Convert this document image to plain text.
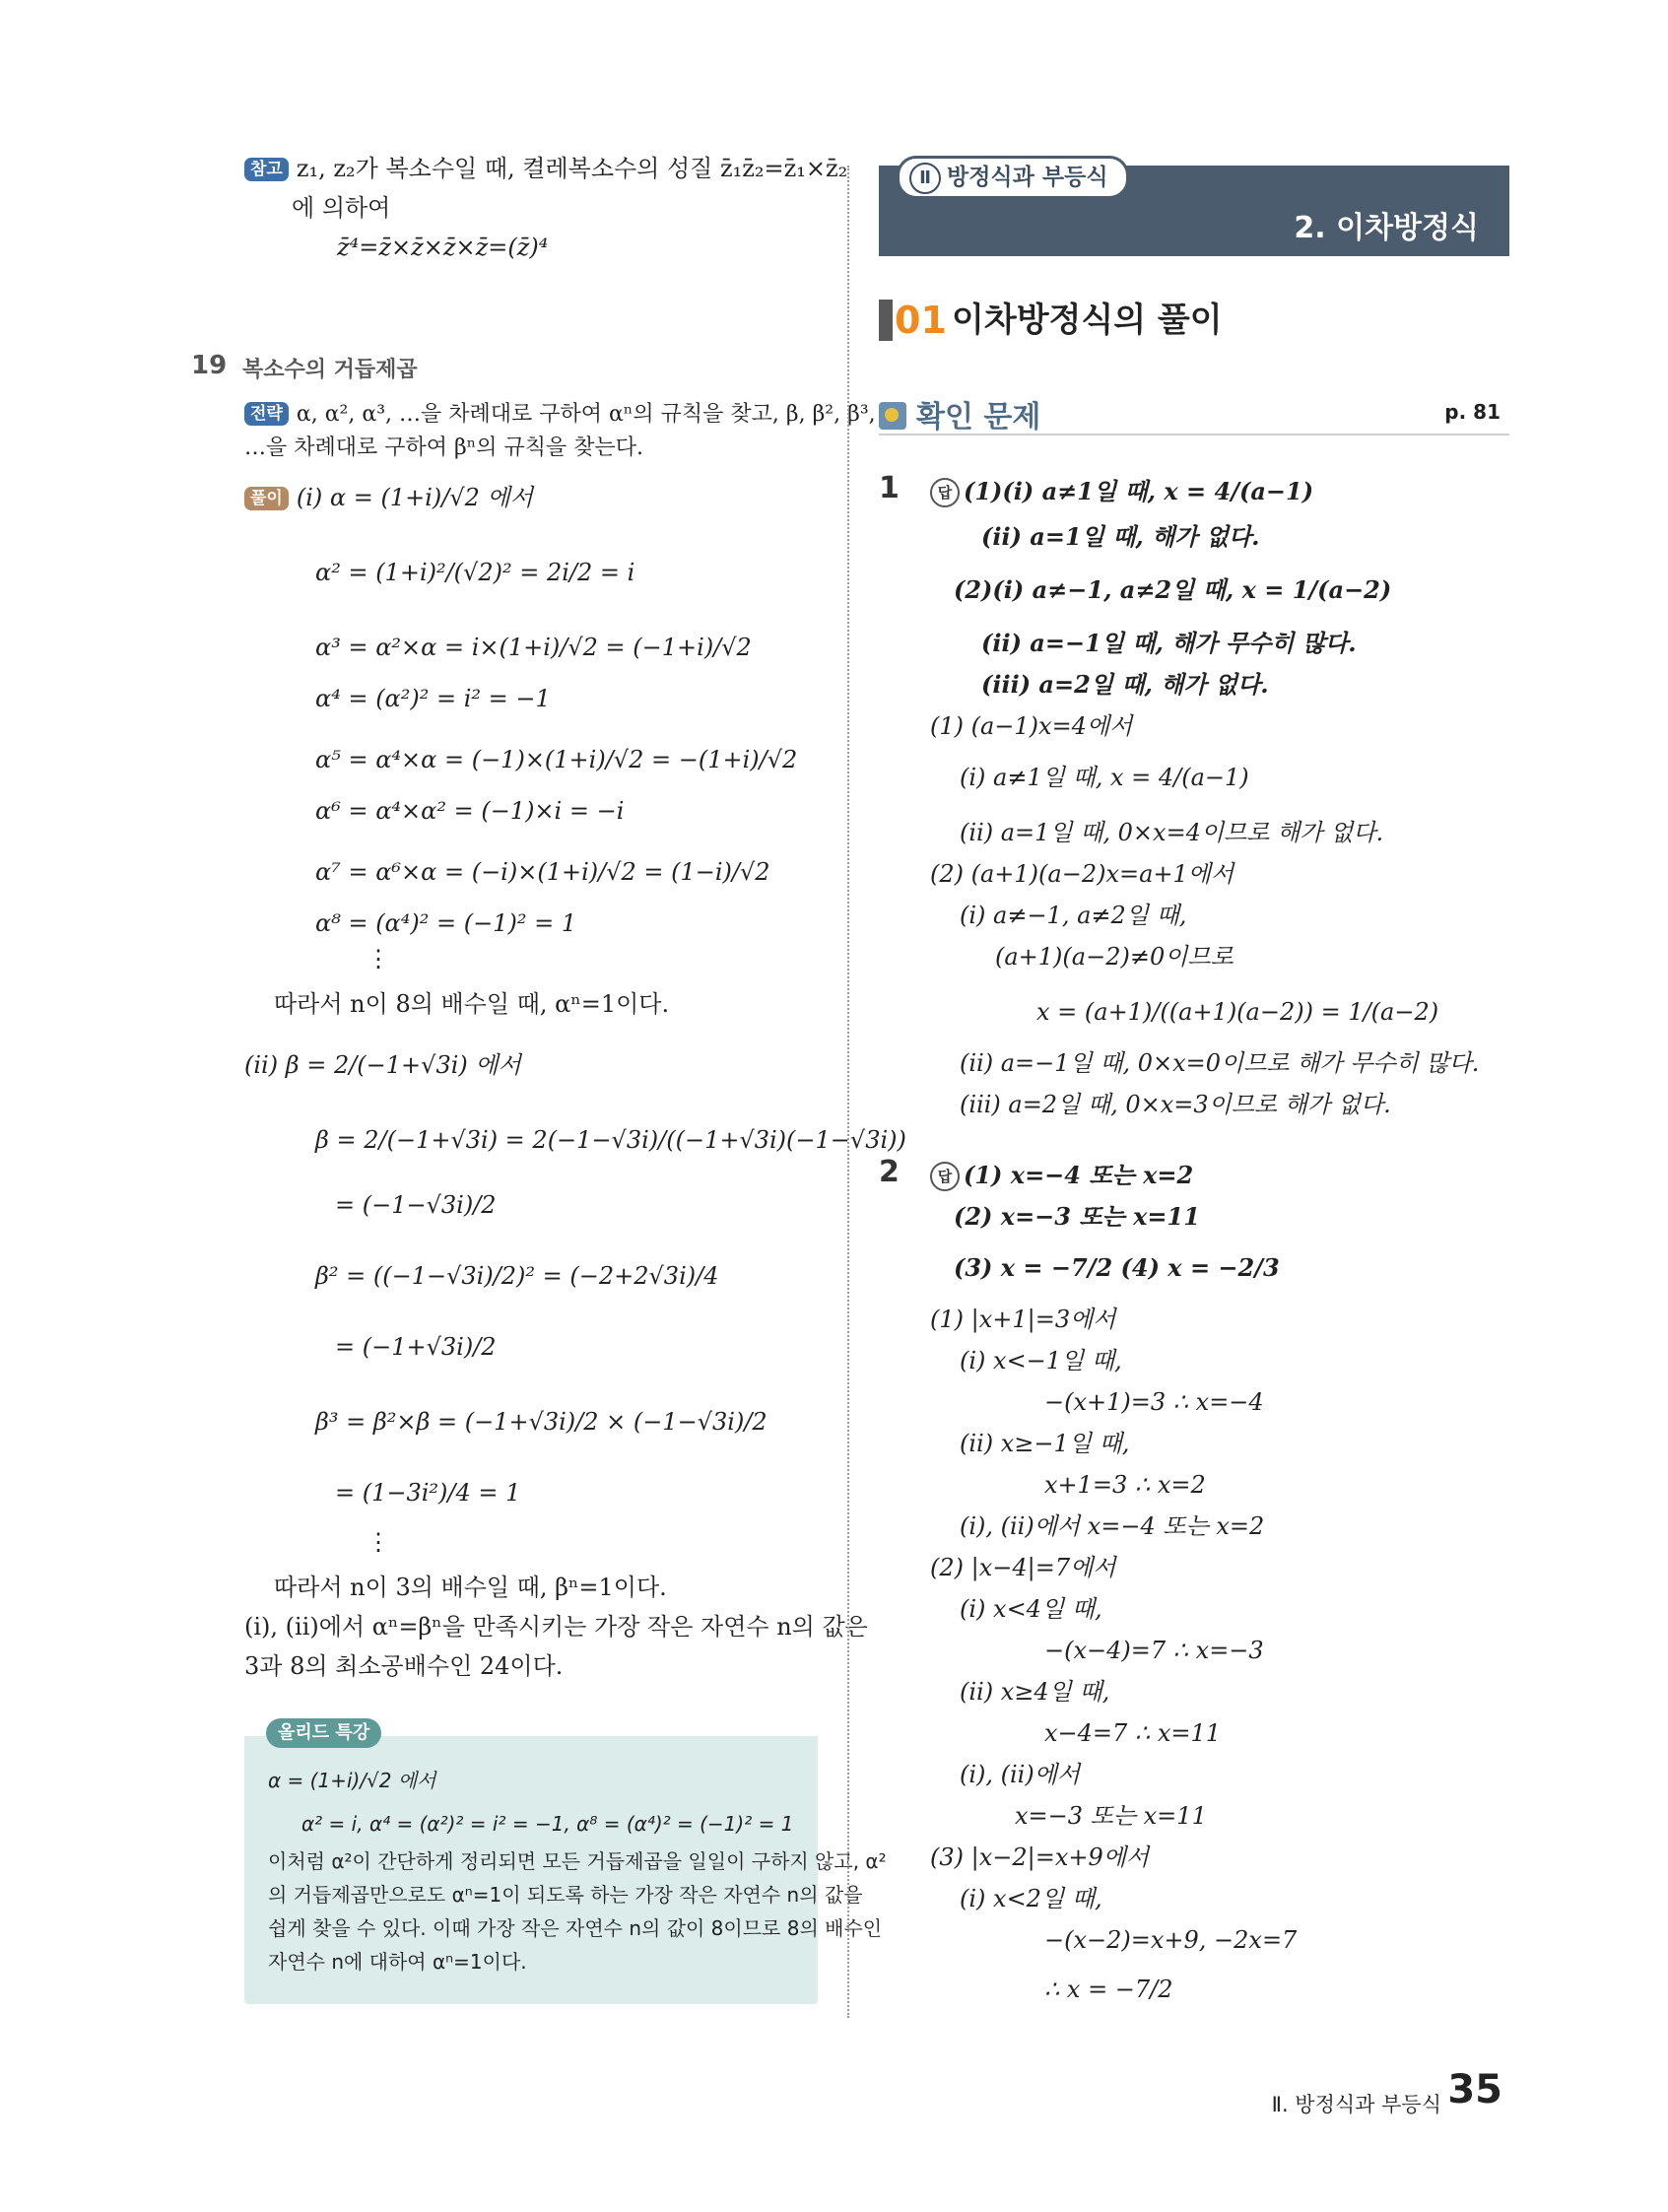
참고 z₁, z₂가 복소수일 때, 켤레복소수의 성질 z̄₁z̄₂=z̄₁×z̄₂
에 의하여
z̄⁴=z̄×z̄×z̄×z̄=(z̄)⁴
19 복소수의 거듭제곱
전략 α, α², α³, …을 차례대로 구하여 αⁿ의 규칙을 찾고, β, β², β³,
…을 차례대로 구하여 βⁿ의 규칙을 찾는다.
풀이 (ⅰ) α = (1+i)/√2 에서
α² = (1+i)²/(√2)² = 2i/2 = i
α³ = α²×α = i×(1+i)/√2 = (−1+i)/√2
α⁴ = (α²)² = i² = −1
α⁵ = α⁴×α = (−1)×(1+i)/√2 = −(1+i)/√2
α⁶ = α⁴×α² = (−1)×i = −i
α⁷ = α⁶×α = (−i)×(1+i)/√2 = (1−i)/√2
α⁸ = (α⁴)² = (−1)² = 1
⋮
따라서 n이 8의 배수일 때, αⁿ=1이다.
(ⅱ) β = 2/(−1+√3i) 에서
β = 2/(−1+√3i) = 2(−1−√3i)/((−1+√3i)(−1−√3i))
= (−1−√3i)/2
β² = ((−1−√3i)/2)² = (−2+2√3i)/4
= (−1+√3i)/2
β³ = β²×β = (−1+√3i)/2 × (−1−√3i)/2
= (1−3i²)/4 = 1
⋮
따라서 n이 3의 배수일 때, βⁿ=1이다.
(ⅰ), (ⅱ)에서 αⁿ=βⁿ을 만족시키는 가장 작은 자연수 n의 값은
3과 8의 최소공배수인 24이다.
올리드 특강
α = (1+i)/√2 에서
α² = i, α⁴ = (α²)² = i² = −1, α⁸ = (α⁴)² = (−1)² = 1
이처럼 α²이 간단하게 정리되면 모든 거듭제곱을 일일이 구하지 않고, α²
의 거듭제곱만으로도 αⁿ=1이 되도록 하는 가장 작은 자연수 n의 값을
쉽게 찾을 수 있다. 이때 가장 작은 자연수 n의 값이 8이므로 8의 배수인
자연수 n에 대하여 αⁿ=1이다.
Ⅱ 방정식과 부등식
2. 이차방정식
01 이차방정식의 풀이
확인 문제	p. 81
1	답 (1)(ⅰ) a≠1일 때, x = 4/(a−1)
(ⅱ) a=1일 때, 해가 없다.
(2)(ⅰ) a≠−1, a≠2일 때, x = 1/(a−2)
(ⅱ) a=−1일 때, 해가 무수히 많다.
(ⅲ) a=2일 때, 해가 없다.
(1) (a−1)x=4에서
(ⅰ) a≠1일 때, x = 4/(a−1)
(ⅱ) a=1일 때, 0×x=4이므로 해가 없다.
(2) (a+1)(a−2)x=a+1에서
(ⅰ) a≠−1, a≠2일 때,
(a+1)(a−2)≠0이므로
x = (a+1)/((a+1)(a−2)) = 1/(a−2)
(ⅱ) a=−1일 때, 0×x=0이므로 해가 무수히 많다.
(ⅲ) a=2일 때, 0×x=3이므로 해가 없다.
2	답 (1) x=−4 또는 x=2
(2) x=−3 또는 x=11
(3) x = −7/2 (4) x = −2/3
(1) |x+1|=3에서
(ⅰ) x<−1일 때,
−(x+1)=3 ∴ x=−4
(ⅱ) x≥−1일 때,
x+1=3 ∴ x=2
(ⅰ), (ⅱ)에서 x=−4 또는 x=2
(2) |x−4|=7에서
(ⅰ) x<4일 때,
−(x−4)=7 ∴ x=−3
(ⅱ) x≥4일 때,
x−4=7 ∴ x=11
(ⅰ), (ⅱ)에서
x=−3 또는 x=11
(3) |x−2|=x+9에서
(ⅰ) x<2일 때,
−(x−2)=x+9, −2x=7
∴ x = −7/2
Ⅱ. 방정식과 부등식 35
